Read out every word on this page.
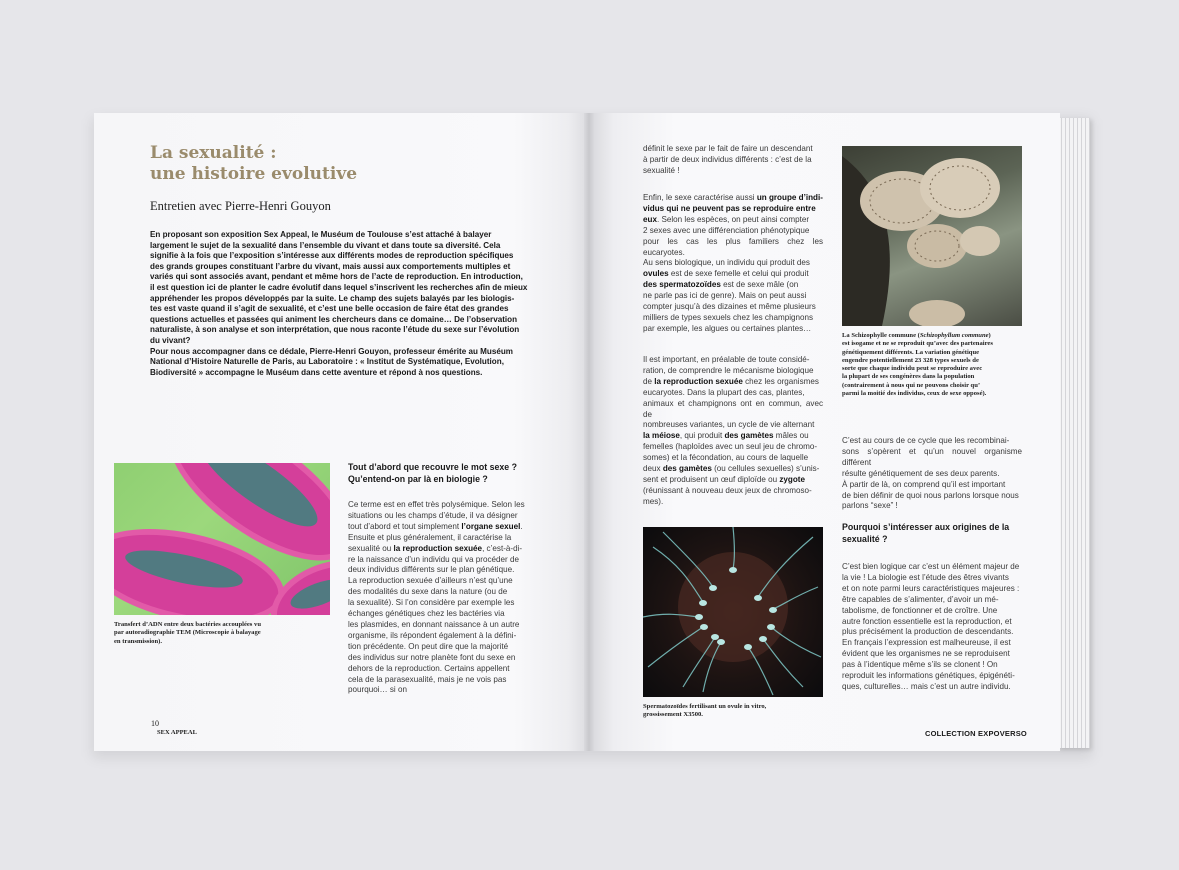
La sexualité :
une histoire evolutive
Entretien avec Pierre-Henri Gouyon
En proposant son exposition Sex Appeal, le Muséum de Toulouse s’est attaché à balayer
largement le sujet de la sexualité dans l’ensemble du vivant et dans toute sa diversité. Cela
signifie à la fois que l’exposition s’intéresse aux différents modes de reproduction spécifiques
des grands groupes constituant l’arbre du vivant, mais aussi aux comportements multiples et
variés qui sont associés avant, pendant et même hors de l’acte de reproduction. En introduction,
il est question ici de planter le cadre évolutif dans lequel s’inscrivent les recherches afin de mieux
appréhender les propos développés par la suite. Le champ des sujets balayés par les biologis-
tes est vaste quand il s’agit de sexualité, et c’est une belle occasion de faire état des grandes
questions actuelles et passées qui animent les chercheurs dans ce domaine… De l’observation
naturaliste, à son analyse et son interprétation, que nous raconte l’étude du sexe sur l’évolution
du vivant?
Pour nous accompagner dans ce dédale, Pierre-Henri Gouyon, professeur émérite au Muséum
National d’Histoire Naturelle de Paris, au Laboratoire : « Institut de Systématique, Evolution,
Biodiversité » accompagne le Muséum dans cette aventure et répond à nos questions.
Transfert d’ADN entre deux bactéries accouplées vu
par autoradiographie TEM (Microscopie à balayage
en transmission).
Tout d’abord que recouvre le mot sexe ?
Qu’entend-on par là en biologie ?
Ce terme est en effet très polysémique. Selon les
situations ou les champs d’étude, il va désigner
tout d’abord et tout simplement l’organe sexuel.
Ensuite et plus généralement, il caractérise la
sexualité ou la reproduction sexuée, c’est-à-di-
re la naissance d’un individu qui va procéder de
deux individus différents sur le plan génétique.
La reproduction sexuée d’ailleurs n’est qu’une
des modalités du sexe dans la nature (ou de
la sexualité). Si l’on considère par exemple les
échanges génétiques chez les bactéries via
les plasmides, en donnant naissance à un autre
organisme, ils répondent également à la défini-
tion précédente. On peut dire que la majorité
des individus sur notre planète font du sexe en
dehors de la reproduction. Certains appellent
cela de la parasexualité, mais je ne vois pas
pourquoi… si on
10
SEX APPEAL
définit le sexe par le fait de faire un descendant
à partir de deux individus différents : c’est de la
sexualité !
Enfin, le sexe caractérise aussi un groupe d’indi-
vidus qui ne peuvent pas se reproduire entre
eux. Selon les espèces, on peut ainsi compter
2 sexes avec une différenciation phénotypique
pour les cas les plus familiers chez les eucaryotes.
Au sens biologique, un individu qui produit des
ovules est de sexe femelle et celui qui produit
des spermatozoïdes est de sexe mâle (on
ne parle pas ici de genre). Mais on peut aussi
compter jusqu’à des dizaines et même plusieurs
milliers de types sexuels chez les champignons
par exemple, les algues ou certaines plantes…
Il est important, en préalable de toute considé-
ration, de comprendre le mécanisme biologique
de la reproduction sexuée chez les organismes
eucaryotes. Dans la plupart des cas, plantes,
animaux et champignons ont en commun, avec de
nombreuses variantes, un cycle de vie alternant
la méiose, qui produit des gamètes mâles ou
femelles (haploïdes avec un seul jeu de chromo-
somes) et la fécondation, au cours de laquelle
deux des gamètes (ou cellules sexuelles) s’unis-
sent et produisent un œuf diploïde ou zygote
(réunissant à nouveau deux jeux de chromoso-
mes).
Spermatozoïdes fertilisant un ovule in vitro,
grossissement X3500.
La Schizophylle commune (Schizophyllum commune)
est isogame et ne se reproduit qu’avec des partenaires
génétiquement différents. La variation génétique
engendre potentiellement 23 328 types sexuels de
sorte que chaque individu peut se reproduire avec
la plupart de ses congénères dans la population
(contrairement à nous qui ne pouvons choisir qu’
parmi la moitié des individus, ceux de sexe opposé).
C’est au cours de ce cycle que les recombinai-
sons s’opèrent et qu’un nouvel organisme différent
résulte génétiquement de ses deux parents.
À partir de là, on comprend qu’il est important
de bien définir de quoi nous parlons lorsque nous
parlons “sexe” !
Pourquoi s’intéresser aux origines de la
sexualité ?
C’est bien logique car c’est un élément majeur de
la vie ! La biologie est l’étude des êtres vivants
et on note parmi leurs caractéristiques majeures :
être capables de s’alimenter, d’avoir un mé-
tabolisme, de fonctionner et de croître. Une
autre fonction essentielle est la reproduction, et
plus précisément la production de descendants.
En français l’expression est malheureuse, il est
évident que les organismes ne se reproduisent
pas à l’identique même s’ils se clonent ! On
reproduit les informations génétiques, épigénéti-
ques, culturelles… mais c’est un autre individu.
COLLECTION EXPOVERSO
